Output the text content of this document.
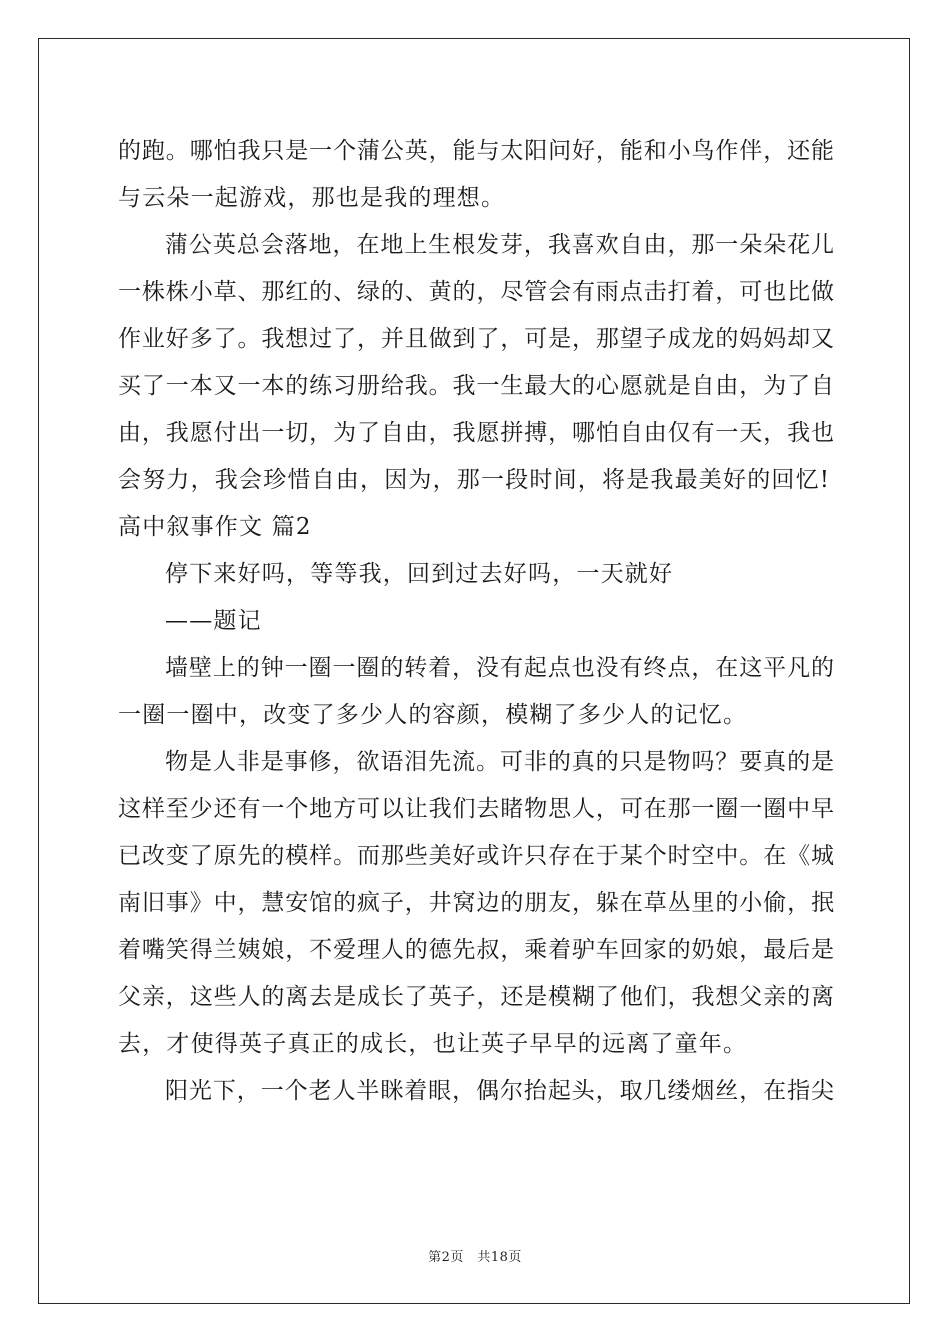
的跑。哪怕我只是一个蒲公英，能与太阳问好，能和小鸟作伴，还能
与云朵一起游戏，那也是我的理想。
蒲公英总会落地，在地上生根发芽，我喜欢自由，那一朵朵花儿
一株株小草、那红的、绿的、黄的，尽管会有雨点击打着，可也比做
作业好多了。我想过了，并且做到了，可是，那望子成龙的妈妈却又
买了一本又一本的练习册给我。我一生最大的心愿就是自由，为了自
由，我愿付出一切，为了自由，我愿拼搏，哪怕自由仅有一天，我也
会努力，我会珍惜自由，因为，那一段时间，将是我最美好的回忆!
高中叙事作文 篇2
停下来好吗，等等我，回到过去好吗，一天就好
——题记
墙壁上的钟一圈一圈的转着，没有起点也没有终点，在这平凡的
一圈一圈中，改变了多少人的容颜，模糊了多少人的记忆。
物是人非是事修，欲语泪先流。可非的真的只是物吗？要真的是
这样至少还有一个地方可以让我们去睹物思人，可在那一圈一圈中早
已改变了原先的模样。而那些美好或许只存在于某个时空中。在《城
南旧事》中，慧安馆的疯子，井窝边的朋友，躲在草丛里的小偷，抿
着嘴笑得兰姨娘，不爱理人的德先叔，乘着驴车回家的奶娘，最后是
父亲，这些人的离去是成长了英子，还是模糊了他们，我想父亲的离
去，才使得英子真正的成长，也让英子早早的远离了童年。
阳光下，一个老人半眯着眼，偶尔抬起头，取几缕烟丝，在指尖
第2页　共18页
